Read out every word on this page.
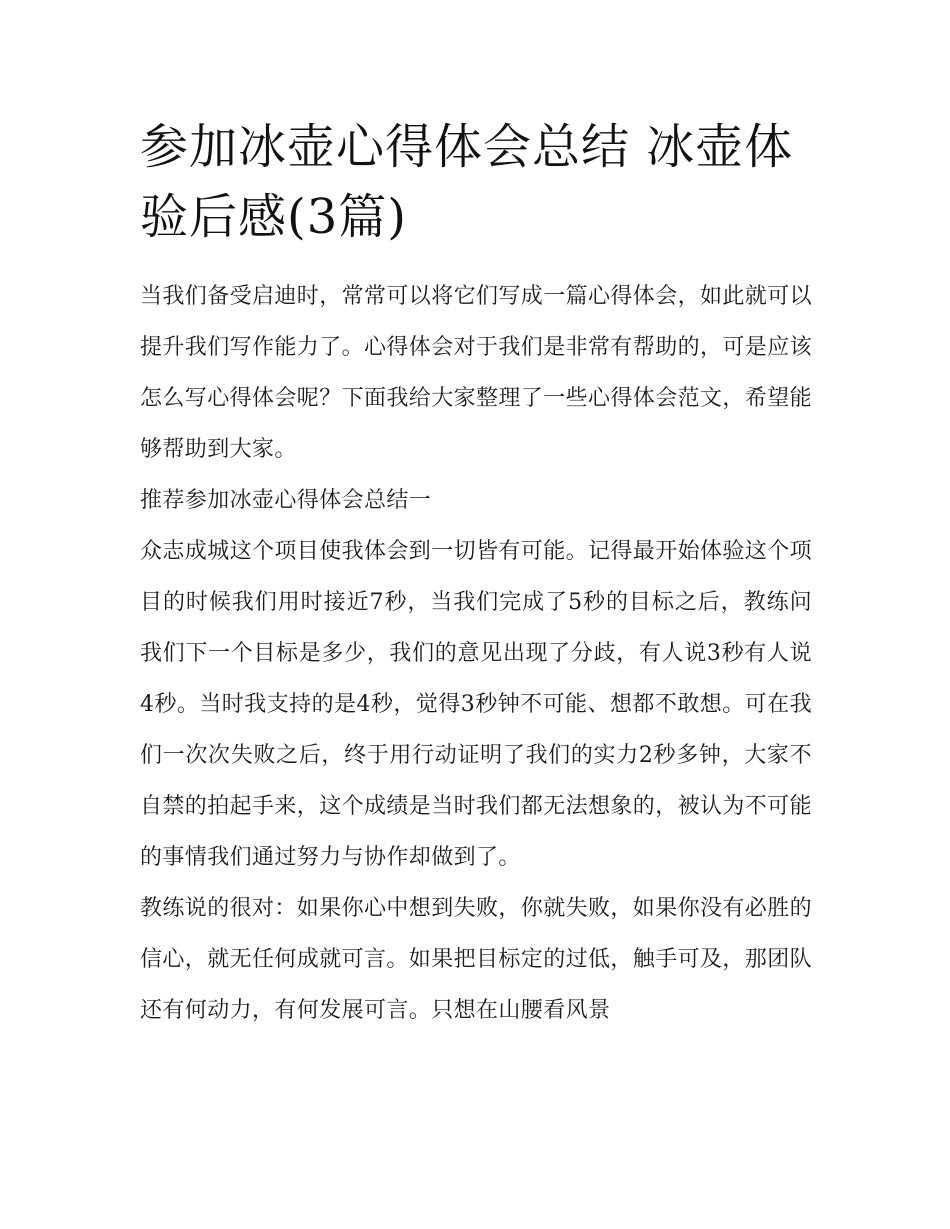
参加冰壶心得体会总结 冰壶体验后感(3篇)

当我们备受启迪时，常常可以将它们写成一篇心得体会，如此就可以提升我们写作能力了。心得体会对于我们是非常有帮助的，可是应该怎么写心得体会呢？下面我给大家整理了一些心得体会范文，希望能够帮助到大家。

推荐参加冰壶心得体会总结一

众志成城这个项目使我体会到一切皆有可能。记得最开始体验这个项目的时候我们用时接近7秒，当我们完成了5秒的目标之后，教练问我们下一个目标是多少，我们的意见出现了分歧，有人说3秒有人说4秒。当时我支持的是4秒，觉得3秒钟不可能、想都不敢想。可在我们一次次失败之后，终于用行动证明了我们的实力2秒多钟，大家不自禁的拍起手来，这个成绩是当时我们都无法想象的，被认为不可能的事情我们通过努力与协作却做到了。

教练说的很对：如果你心中想到失败，你就失败，如果你没有必胜的信心，就无任何成就可言。如果把目标定的过低，触手可及，那团队还有何动力，有何发展可言。只想在山腰看风景
